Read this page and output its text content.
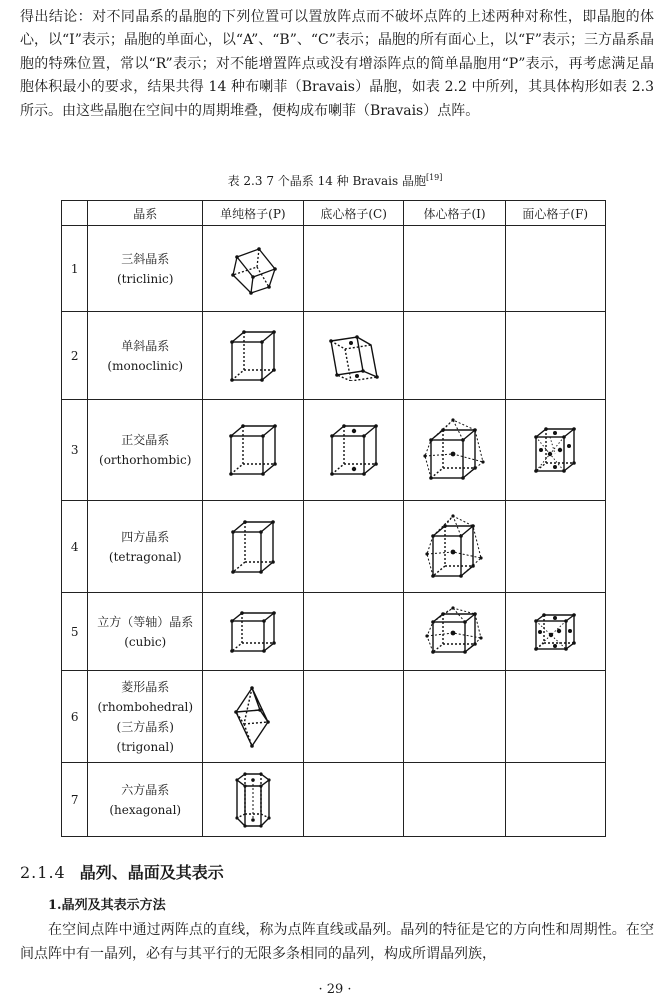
得出结论：对不同晶系的晶胞的下列位置可以置放阵点而不破坏点阵的上述两种对称性，即晶胞的体心，以“I”表示；晶胞的单面心，以“A”、“B”、“C”表示；晶胞的所有面心上，以“F”表示；三方晶系晶胞的特殊位置，常以“R”表示；对不能增置阵点或没有增添阵点的简单晶胞用“P”表示，再考虑满足晶胞体积最小的要求，结果共得 14 种布喇菲（Bravais）晶胞，如表 2.2 中所列，其具体构形如表 2.3 所示。由这些晶胞在空间中的周期堆叠，便构成布喇菲（Bravais）点阵。
表 2.3 7 个晶系 14 种 Bravais 晶胞[19]
	晶系	单纯格子(P)	底心格子(C)	体心格子(I)	面心格子(F)
1	三斜晶系
(triclinic)

2	单斜晶系
(monoclinic)

3	正交晶系
(orthorhombic)

4	四方晶系
(tetragonal)

5	立方（等轴）晶系
(cubic)

6	菱形晶系
(rhombohedral)
(三方晶系)
(trigonal)

7	六方晶系
(hexagonal)

2.1.4 晶列、晶面及其表示
1.晶列及其表示方法
在空间点阵中通过两阵点的直线，称为点阵直线或晶列。晶列的特征是它的方向性和周期性。在空间点阵中有一晶列，必有与其平行的无限多条相同的晶列，构成所谓晶列族，
· 29 ·
